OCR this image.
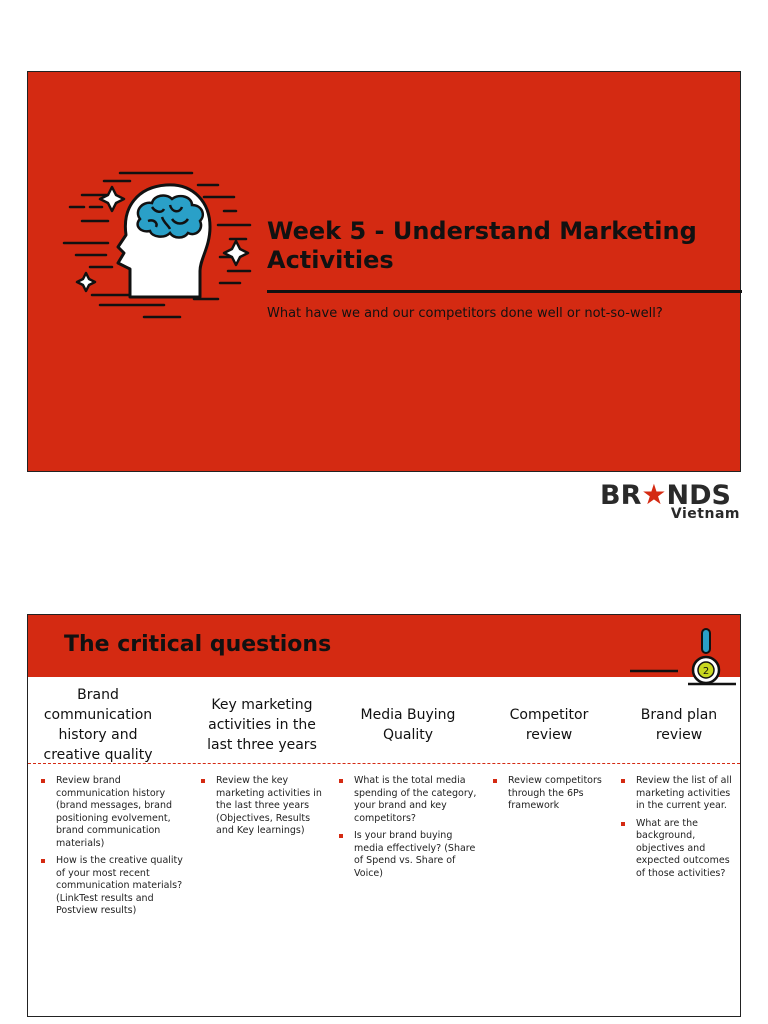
Week 5 - Understand Marketing Activities

What have we and our competitors done well or not-so-well?

BR★NDS
Vietnam
The critical questions
2
Brand communication history and creative quality
Key marketing activities in the last three years
Media Buying Quality
Competitor review
Brand plan review
Review brand communication history (brand messages, brand positioning evolvement, brand communication materials)
How is the creative quality of your most recent communication materials? (LinkTest results and Postview results)
Review the key marketing activities in the last three years (Objectives, Results and Key learnings)
What is the total media spending of the category, your brand and key competitors?
Is your brand buying media effectively? (Share of Spend vs. Share of Voice)
Review competitors through the 6Ps framework
Review the list of all marketing activities in the current year.
What are the background, objectives and expected outcomes of those activities?
